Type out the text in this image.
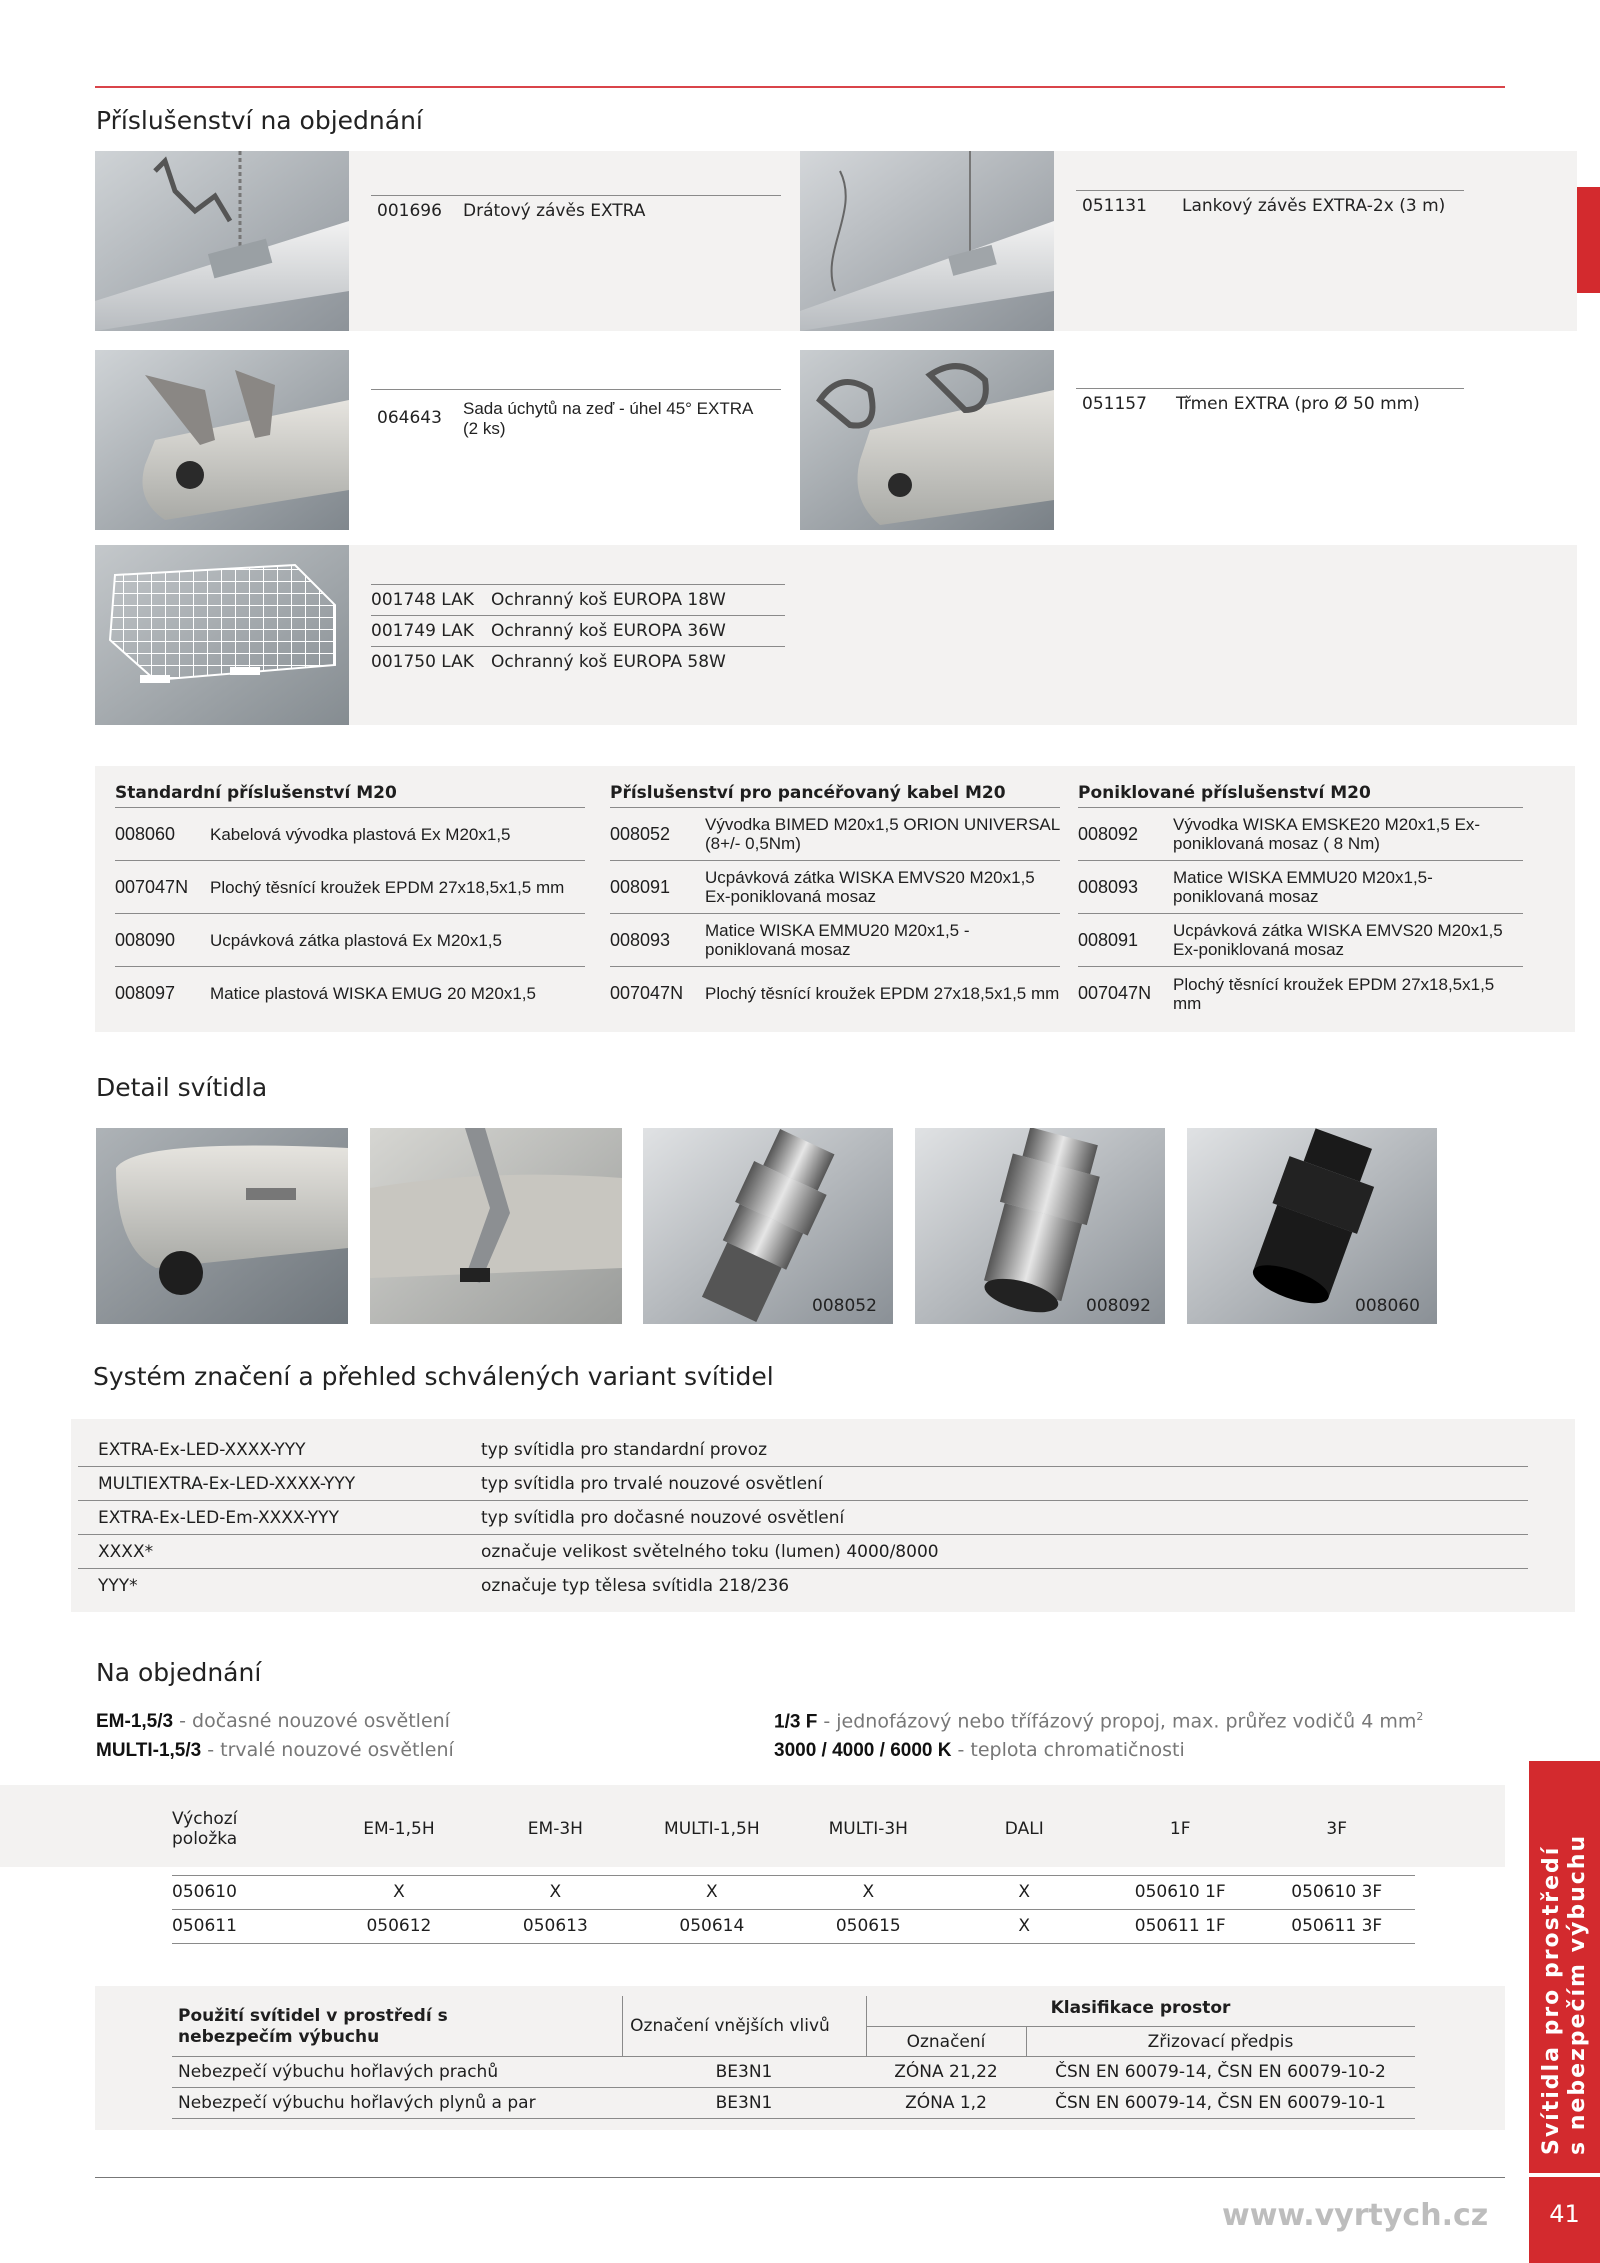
Příslušenství na objednání
001696 Drátový závěs EXTRA	051131 Lankový závěs EXTRA-2x (3 m)
064643 Sada úchytů na zeď - úhel 45° EXTRA (2 ks)
051157 Třmen EXTRA (pro Ø 50 mm)
001748 LAK Ochranný koš EUROPA 18W
001749 LAK Ochranný koš EUROPA 36W
001750 LAK Ochranný koš EUROPA 58W
Standardní příslušenství M20
008060	Kabelová vývodka plastová Ex M20x1,5
007047N	Plochý těsnící kroužek EPDM 27x18,5x1,5 mm
008090	Ucpávková zátka plastová Ex M20x1,5
008097	Matice plastová WISKA EMUG 20 M20x1,5
Příslušenství pro pancéřovaný kabel M20
008052	Vývodka BIMED M20x1,5 ORION UNIVERSAL (8+/- 0,5Nm)
008091	Ucpávková zátka WISKA EMVS20 M20x1,5 Ex-poniklovaná mosaz
008093	Matice WISKA EMMU20 M20x1,5 -poniklovaná mosaz
007047N	Plochý těsnící kroužek EPDM 27x18,5x1,5 mm
Poniklované příslušenství M20
008092	Vývodka WISKA EMSKE20 M20x1,5 Ex-poniklovaná mosaz ( 8 Nm)
008093	Matice WISKA EMMU20 M20x1,5-poniklovaná mosaz
008091	Ucpávková zátka WISKA EMVS20 M20x1,5 Ex-poniklovaná mosaz
007047N	Plochý těsnící kroužek EPDM 27x18,5x1,5 mm
Detail svítidla
008052	008092	008060
Systém značení a přehled schválených variant svítidel
EXTRA-Ex-LED-XXXX-YYY	typ svítidla pro standardní provoz
MULTIEXTRA-Ex-LED-XXXX-YYY	typ svítidla pro trvalé nouzové osvětlení
EXTRA-Ex-LED-Em-XXXX-YYY	typ svítidla pro dočasné nouzové osvětlení
XXXX*	označuje velikost světelného toku (lumen) 4000/8000
YYY*	označuje typ tělesa svítidla 218/236
Na objednání
EM-1,5/3 - dočasné nouzové osvětlení
MULTI-1,5/3 - trvalé nouzové osvětlení
1/3 F - jednofázový nebo třífázový propoj, max. průřez vodičů 4 $mm^2$
3000 / 4000 / 6000 K - teplota chromatičnosti
Výchozí položka	EM-1,5H	EM-3H	MULTI-1,5H	MULTI-3H	DALI	1F	3F

050610	X	X	X	X	X	050610 1F	050610 3F
050611	050612	050613	050614	050615	X	050611 1F	050611 3F
Použití svítidel v prostředí s nebezpečím výbuchu
Označení vnějších vlivů
Klasifikace prostor
Označení	Zřizovací předpis
Nebezpečí výbuchu hořlavých prachů	BE3N1	ZÓNA 21,22	ČSN EN 60079-14, ČSN EN 60079-10-2
Nebezpečí výbuchu hořlavých plynů a par	BE3N1	ZÓNA 1,2	ČSN EN 60079-14, ČSN EN 60079-10-1	Svítidla pro prostředí s nebezpečím výbuchu
www.vyrtych.cz	41
